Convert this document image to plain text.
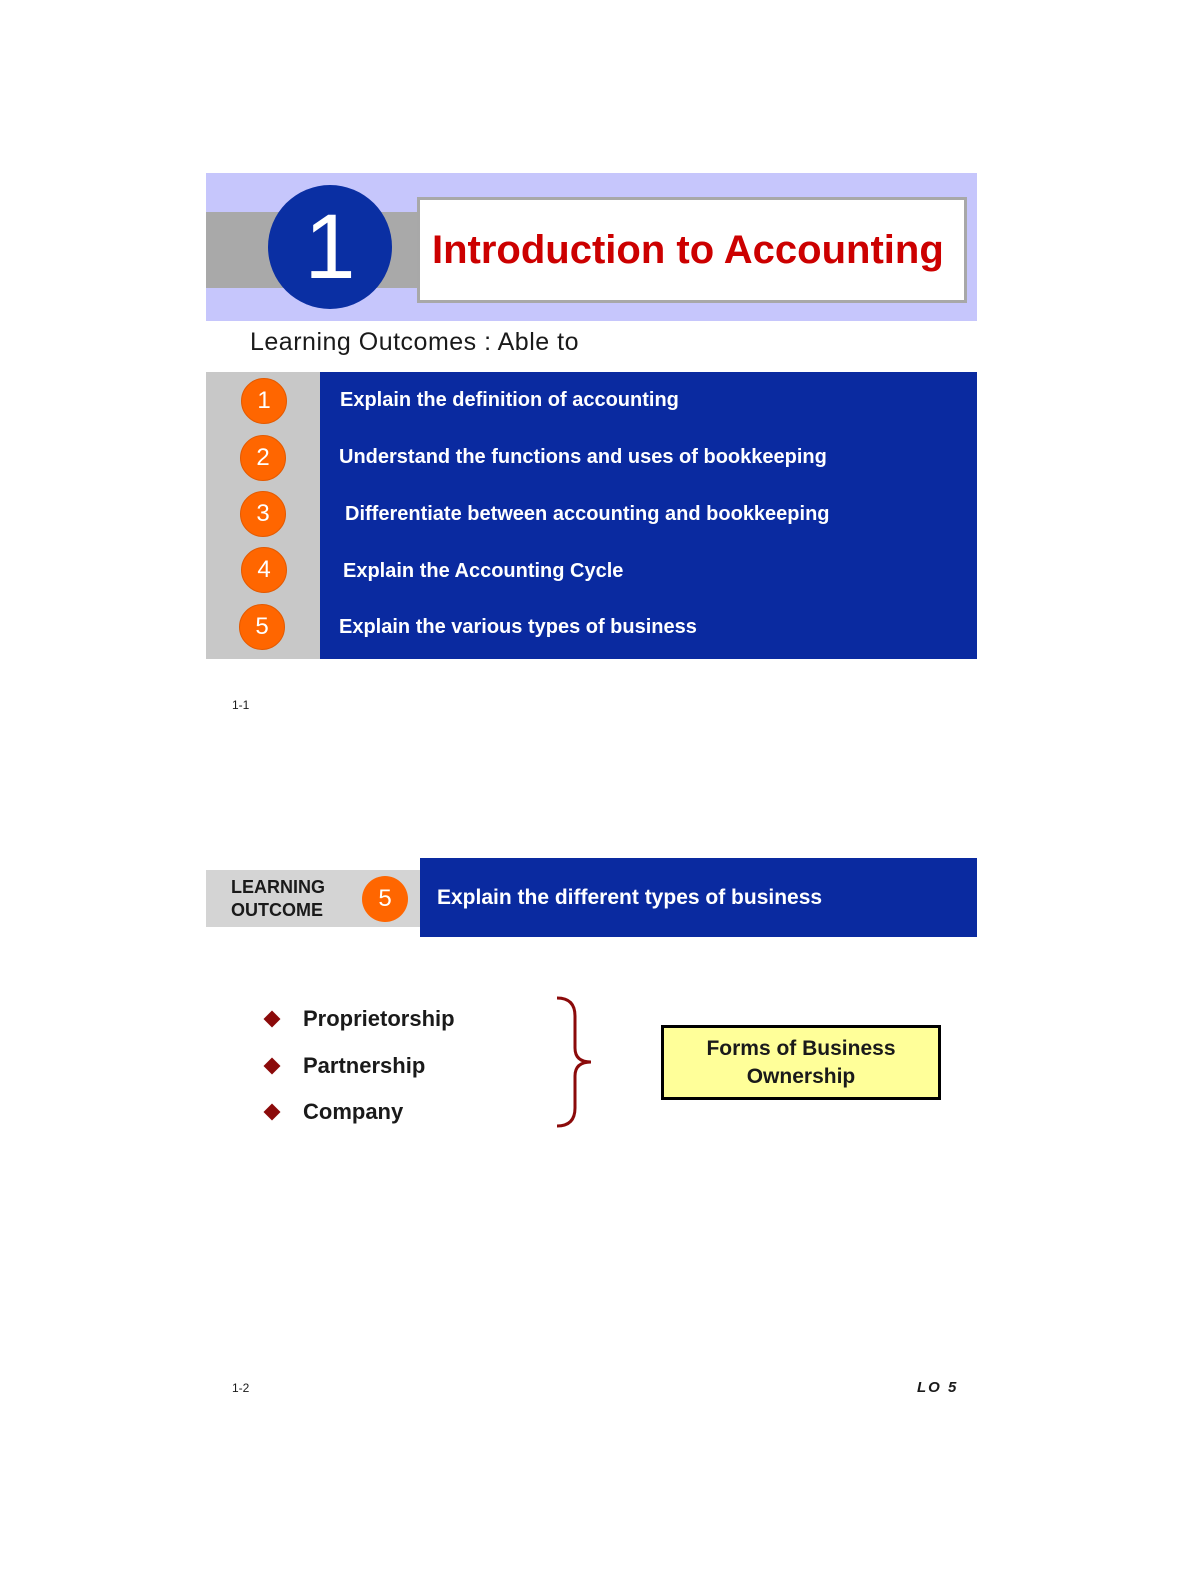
1 Introduction to Accounting
Learning Outcomes : Able to
1	Explain the definition of accounting
2	Understand the functions and uses of bookkeeping
3	Differentiate between accounting and bookkeeping
4	Explain the Accounting Cycle
5	Explain the various types of business
1-1
LEARNING
OUTCOME 5 Explain the different types of business
Proprietorship
Partnership
Company
Forms of Business
Ownership
1-2	LO 5
